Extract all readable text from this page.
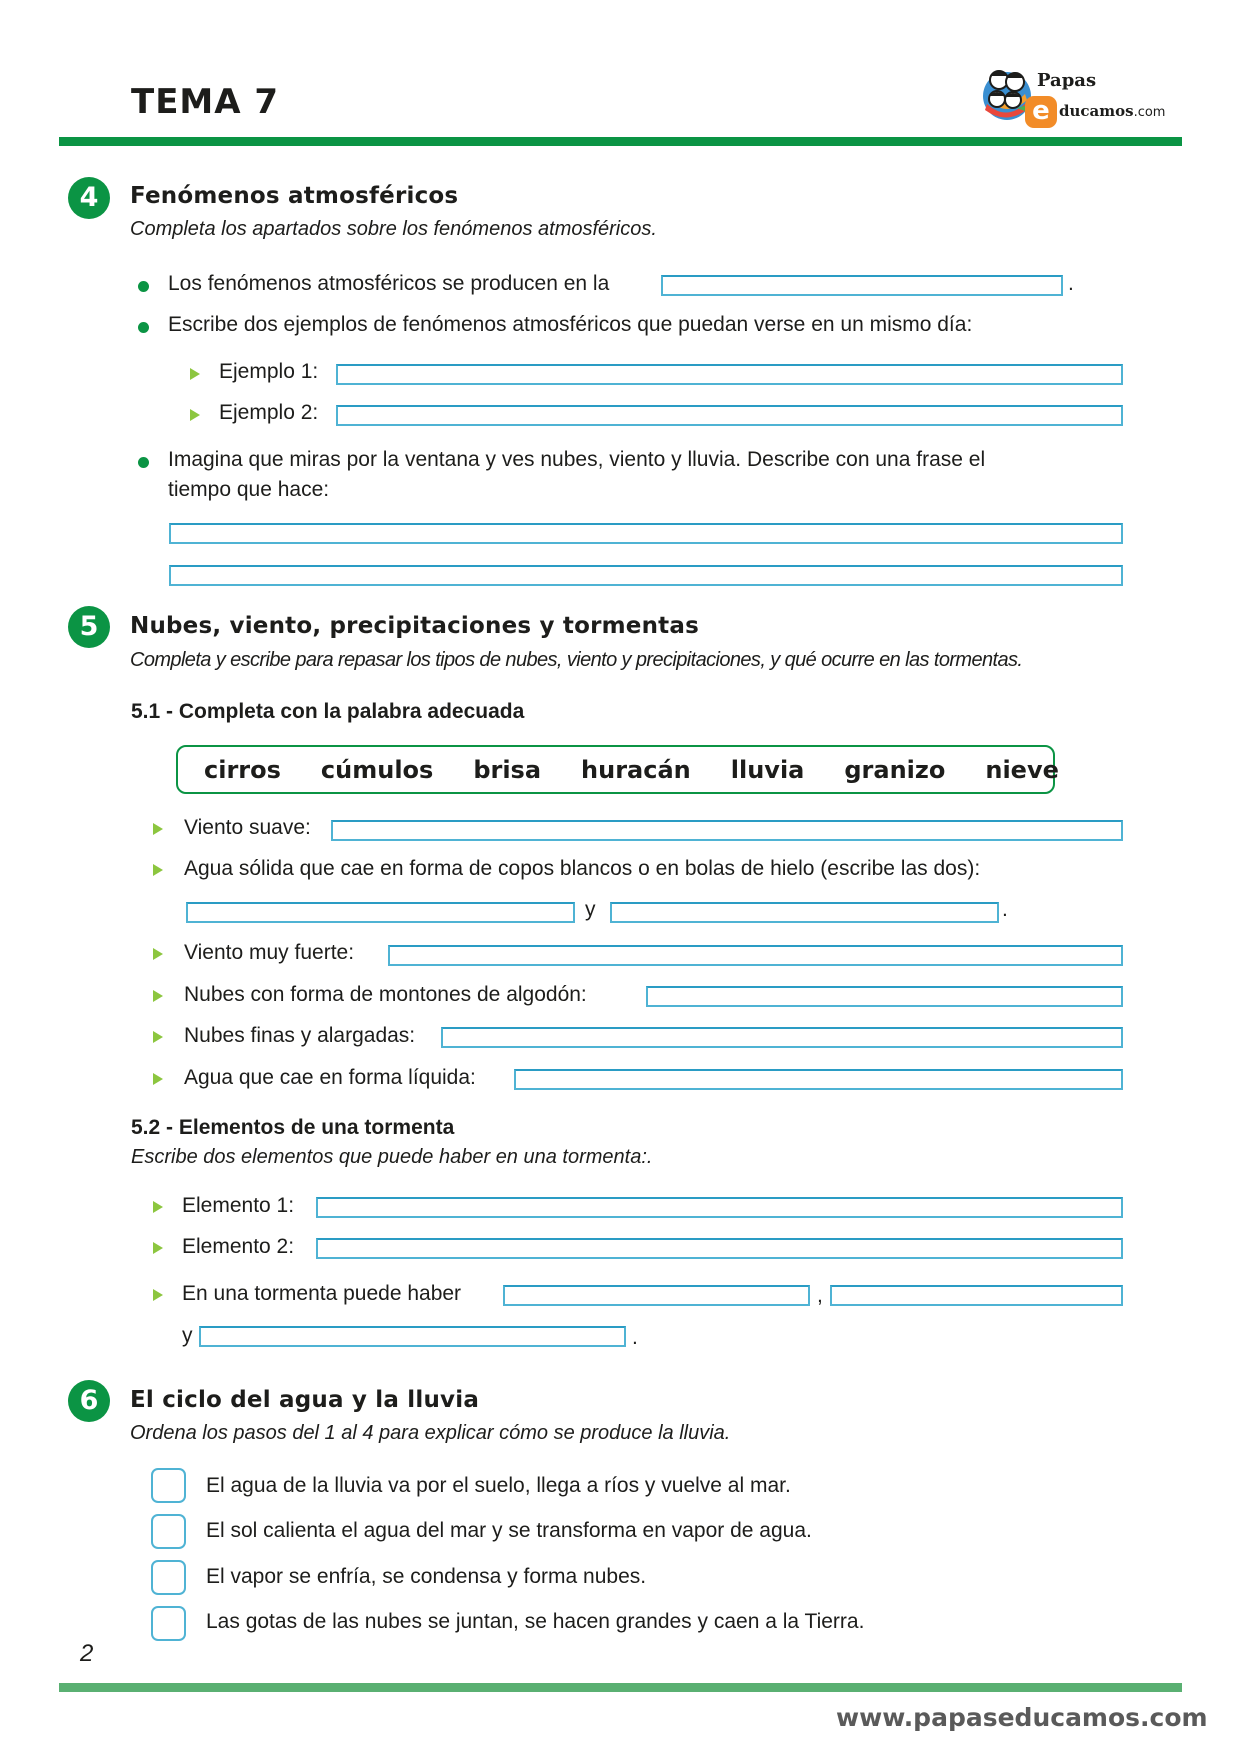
TEMA 7
Papas
e ducamos.com
4	Fenómenos atmosféricos
Completa los apartados sobre los fenómenos atmosféricos.
Los fenómenos atmosféricos se producen en la	.
Escribe dos ejemplos de fenómenos atmosféricos que puedan verse en un mismo día:
Ejemplo 1:
Ejemplo 2:
Imagina que miras por la ventana y ves nubes, viento y lluvia. Describe con una frase el
tiempo que hace:
5	Nubes, viento, precipitaciones y tormentas
Completa y escribe para repasar los tipos de nubes, viento y precipitaciones, y qué ocurre en las tormentas.
5.1 - Completa con la palabra adecuada
cirros cúmulos brisa huracán lluvia granizo nieve
Viento suave:
Agua sólida que cae en forma de copos blancos o en bolas de hielo (escribe las dos):
y	.
Viento muy fuerte:
Nubes con forma de montones de algodón:
Nubes finas y alargadas:
Agua que cae en forma líquida:
5.2 - Elementos de una tormenta
Escribe dos elementos que puede haber en una tormenta:.
Elemento 1:
Elemento 2:
En una tormenta puede haber	,
y	.
6	El ciclo del agua y la lluvia
Ordena los pasos del 1 al 4 para explicar cómo se produce la lluvia.
El agua de la lluvia va por el suelo, llega a ríos y vuelve al mar.
El sol calienta el agua del mar y se transforma en vapor de agua.
El vapor se enfría, se condensa y forma nubes.
Las gotas de las nubes se juntan, se hacen grandes y caen a la Tierra.
2
www.papaseducamos.com
